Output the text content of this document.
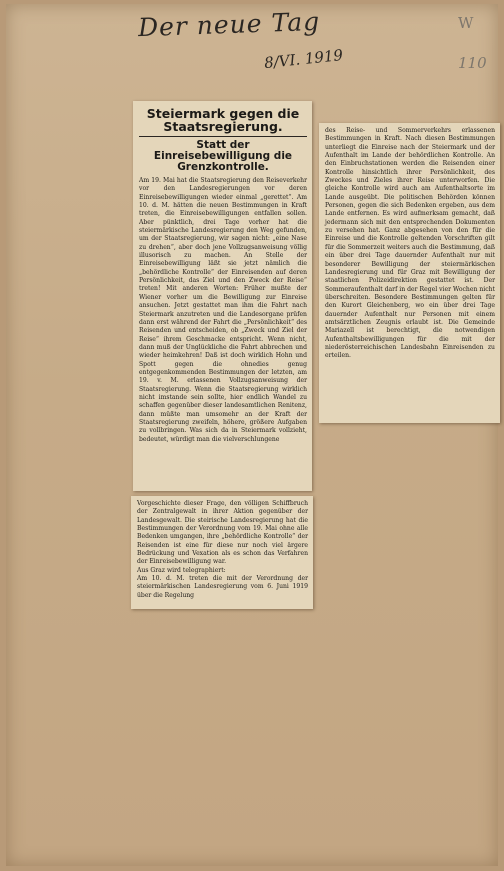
Der neue Tag
8/VI. 1919
W
110
Steiermark gegen die Staatsregierung.
Statt der Einreisebewilligung die Grenzkontrolle.

Am 19. Mai hat die Staatsregierung den Reiseverkehr vor den Landesregierungen vor deren Einreisebewilligungen wieder einmal „gerettet“. Am 10. d. M. hätten die neuen Bestimmungen in Kraft treten, die Einreisebewilligungen entfallen sollen. Aber pünktlich, drei Tage vorher hat die steiermärkische Landesregierung den Weg gefunden, um der Staatsregierung, wir sagen nicht: „eine Nase zu drehen“, aber doch jene Vollzugsanweisung völlig illusorisch zu machen. An Stelle der Einreisebewilligung läßt sie jetzt nämlich die „behördliche Kontrolle“ der Einreisenden auf deren Persönlichkeit, das Ziel und den Zweck der Reise“ treten! Mit anderen Worten: Früher mußte der Wiener vorher um die Bewilligung zur Einreise ansuchen. Jetzt gestattet man ihm die Fahrt nach Steiermark anzutreten und die Landesorgane prüfen dann erst während der Fahrt die „Persönlichkeit“ des Reisenden und entscheiden, ob „Zweck und Ziel der Reise“ ihrem Geschmacke entspricht. Wenn nicht, dann muß der Unglückliche die Fahrt abbrechen und wieder heimkehren! Daß ist doch wirklich Hohn und Spott gegen die ohnedies genug entgegenkommenden Bestimmungen der letzten, am 19. v. M. erlassenen Vollzugsanweisung der Staatsregierung. Wenn die Staatsregierung wirklich nicht imstande sein sollte, hier endlich Wandel zu schaffen gegenüber dieser landesamtlichen Renitenz, dann müßte man umsomehr an der Kraft der Staatsregierung zweifeln, höhere, größere Aufgaben zu vollbringen. Was sich da in Steiermark vollzieht, bedeutet, würdigt man die vielverschlungene

Vorgeschichte dieser Frage, den völligen Schiffbruch der Zentralgewalt in ihrer Aktion gegenüber der Landesgewalt. Die steirische Landesregierung hat die Bestimmungen der Verordnung vom 19. Mai ohne alle Bedenken umgangen, ihre „behördliche Kontrolle“ der Reisenden ist eine für diese nur noch viel ärgere Bedrückung und Vexation als es schon das Verfahren der Einreisebewilligung war.
Aus Graz wird telegraphiert:
Am 10. d. M. treten die mit der Verordnung der steiermärkischen Landesregierung vom 6. Juni 1919 über die Regelung

des Reise- und Sommerverkehrs erlassenen Bestimmungen in Kraft. Nach diesen Bestimmungen unterliegt die Einreise nach der Steiermark und der Aufenthalt im Lande der behördlichen Kontrolle. An den Einbruchstationen werden die Reisenden einer Kontrolle hinsichtlich ihrer Persönlichkeit, des Zweckes und Zieles ihrer Reise unterworfen. Die gleiche Kontrolle wird auch am Aufenthaltsorte im Lande ausgeübt. Die politischen Behörden können Personen, gegen die sich Bedenken ergeben, aus dem Lande entfernen. Es wird aufmerksam gemacht, daß jedermann sich mit den entsprechenden Dokumenten zu versehen hat. Ganz abgesehen von den für die Einreise und die Kontrolle geltenden Vorschriften gilt für die Sommerzeit weiters auch die Bestimmung, daß ein über drei Tage dauernder Aufenthalt nur mit besonderer Bewilligung der steiermärkischen Landesregierung und für Graz mit Bewilligung der staatlichen Polizeidirektion gestattet ist. Der Sommeraufenthalt darf in der Regel vier Wochen nicht überschreiten. Besondere Bestimmungen gelten für den Kurort Gleichenberg, wo ein über drei Tage dauernder Aufenthalt nur Personen mit einem amtsärztlichen Zeugnis erlaubt ist. Die Gemeinde Mariazell ist berechtigt, die notwendigen Aufenthaltsbewilligungen für die mit der niederösterreichischen Landesbahn Einreisenden zu erteilen.
